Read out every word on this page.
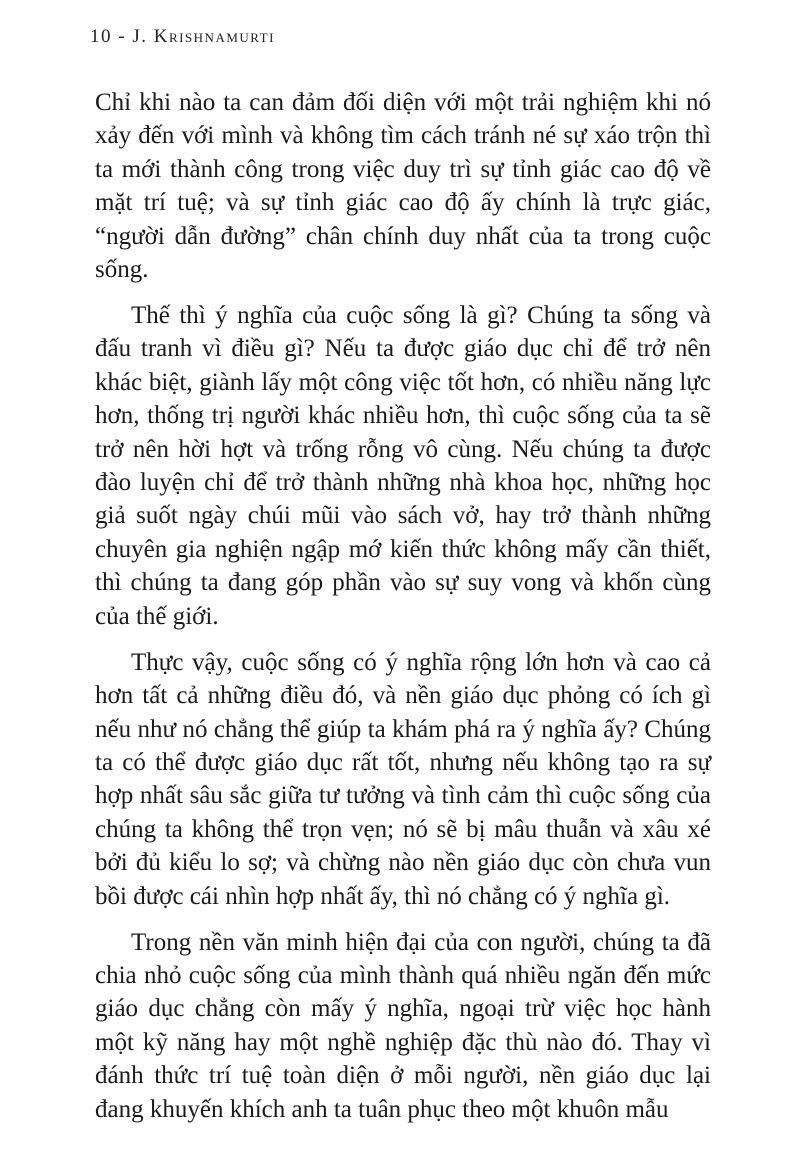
10 - J. Krishnamurti

Chỉ khi nào ta can đảm đối diện với một trải nghiệm khi nó xảy đến với mình và không tìm cách tránh né sự xáo trộn thì ta mới thành công trong việc duy trì sự tỉnh giác cao độ về mặt trí tuệ; và sự tỉnh giác cao độ ấy chính là trực giác, “người dẫn đường” chân chính duy nhất của ta trong cuộc sống.

Thế thì ý nghĩa của cuộc sống là gì? Chúng ta sống và đấu tranh vì điều gì? Nếu ta được giáo dục chỉ để trở nên khác biệt, giành lấy một công việc tốt hơn, có nhiều năng lực hơn, thống trị người khác nhiều hơn, thì cuộc sống của ta sẽ trở nên hời hợt và trống rỗng vô cùng. Nếu chúng ta được đào luyện chỉ để trở thành những nhà khoa học, những học giả suốt ngày chúi mũi vào sách vở, hay trở thành những chuyên gia nghiện ngập mớ kiến thức không mấy cần thiết, thì chúng ta đang góp phần vào sự suy vong và khốn cùng của thế giới.

Thực vậy, cuộc sống có ý nghĩa rộng lớn hơn và cao cả hơn tất cả những điều đó, và nền giáo dục phỏng có ích gì nếu như nó chẳng thể giúp ta khám phá ra ý nghĩa ấy? Chúng ta có thể được giáo dục rất tốt, nhưng nếu không tạo ra sự hợp nhất sâu sắc giữa tư tưởng và tình cảm thì cuộc sống của chúng ta không thể trọn vẹn; nó sẽ bị mâu thuẫn và xâu xé bởi đủ kiểu lo sợ; và chừng nào nền giáo dục còn chưa vun bồi được cái nhìn hợp nhất ấy, thì nó chẳng có ý nghĩa gì.

Trong nền văn minh hiện đại của con người, chúng ta đã chia nhỏ cuộc sống của mình thành quá nhiều ngăn đến mức giáo dục chẳng còn mấy ý nghĩa, ngoại trừ việc học hành một kỹ năng hay một nghề nghiệp đặc thù nào đó. Thay vì đánh thức trí tuệ toàn diện ở mỗi người, nền giáo dục lại đang khuyến khích anh ta tuân phục theo một khuôn mẫu
